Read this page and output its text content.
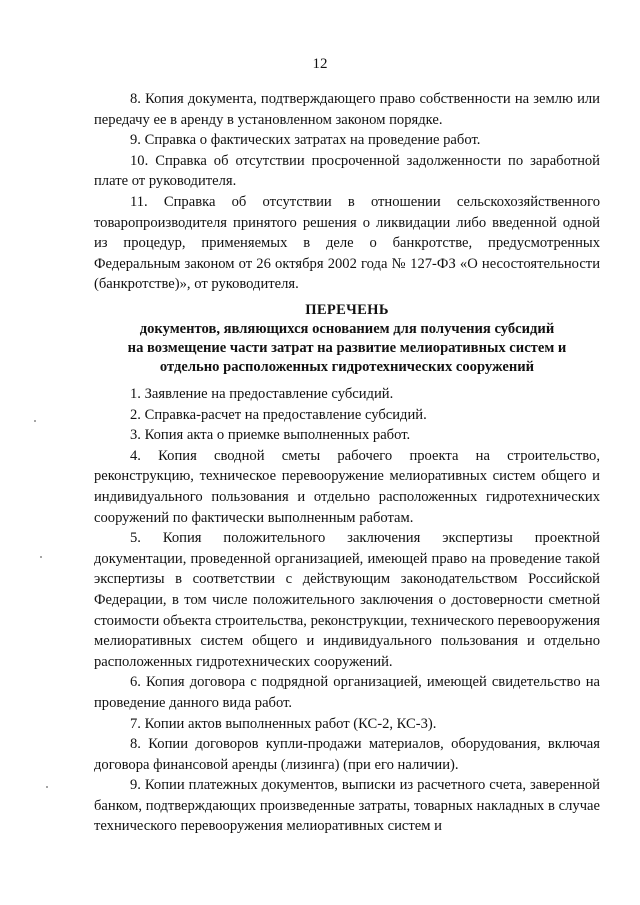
12

8. Копия документа, подтверждающего право собственности на землю или передачу ее в аренду в установленном законом порядке.

9. Справка о фактических затратах на проведение работ.

10. Справка об отсутствии просроченной задолженности по заработной плате от руководителя.

11. Справка об отсутствии в отношении сельскохозяйственного товаропроизводителя принятого решения о ликвидации либо введенной одной из процедур, применяемых в деле о банкротстве, предусмотренных Федеральным законом от 26 октября 2002 года № 127-ФЗ «О несостоятельности (банкротстве)», от руководителя.

ПЕРЕЧЕНЬ
документов, являющихся основанием для получения субсидий
на возмещение части затрат на развитие мелиоративных систем и
отдельно расположенных гидротехнических сооружений

1. Заявление на предоставление субсидий.

2. Справка-расчет на предоставление субсидий.

3. Копия акта о приемке выполненных работ.

4. Копия сводной сметы рабочего проекта на строительство, реконструкцию, техническое перевооружение мелиоративных систем общего и индивидуального пользования и отдельно расположенных гидротехнических сооружений по фактически выполненным работам.

5. Копия положительного заключения экспертизы проектной документации, проведенной организацией, имеющей право на проведение такой экспертизы в соответствии с действующим законодательством Российской Федерации, в том числе положительного заключения о достоверности сметной стоимости объекта строительства, реконструкции, технического перевооружения мелиоративных систем общего и индивидуального пользования и отдельно расположенных гидротехнических сооружений.

6. Копия договора с подрядной организацией, имеющей свидетельство на проведение данного вида работ.

7. Копии актов выполненных работ (КС-2, КС-3).

8. Копии договоров купли-продажи материалов, оборудования, включая договора финансовой аренды (лизинга) (при его наличии).

9. Копии платежных документов, выписки из расчетного счета, заверенной банком, подтверждающих произведенные затраты, товарных накладных в случае технического перевооружения мелиоративных систем и
